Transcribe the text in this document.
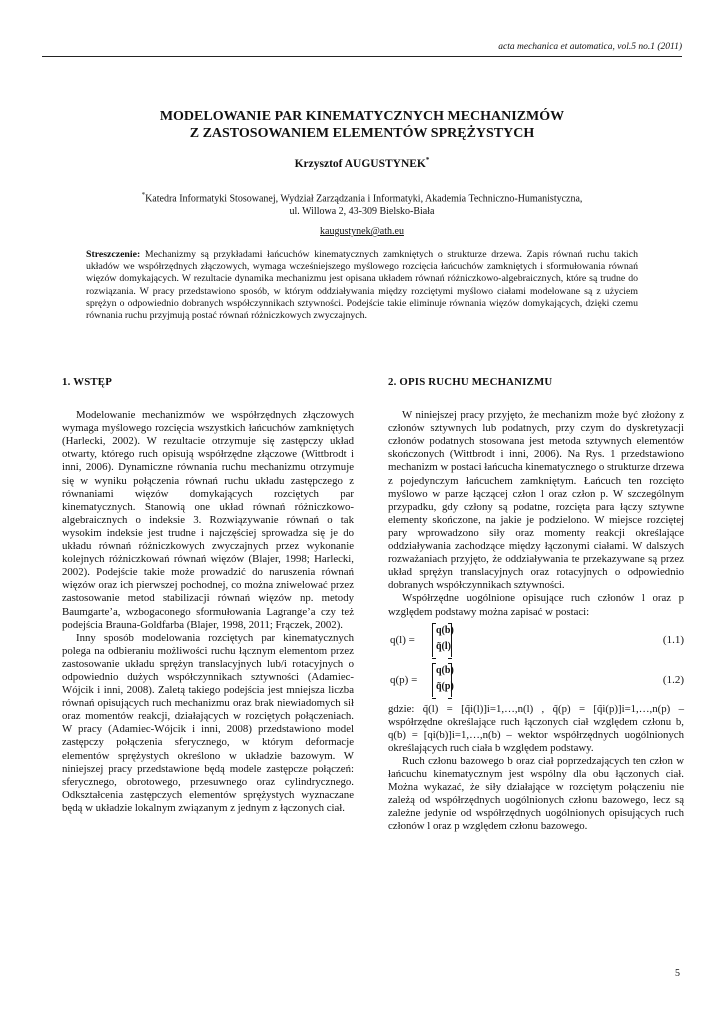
acta mechanica et automatica, vol.5 no.1 (2011)
MODELOWANIE PAR KINEMATYCZNYCH MECHANIZMÓW
Z ZASTOSOWANIEM ELEMENTÓW SPRĘŻYSTYCH
Krzysztof AUGUSTYNEK*
*Katedra Informatyki Stosowanej, Wydział Zarządzania i Informatyki, Akademia Techniczno-Humanistyczna,
ul. Willowa 2, 43-309 Bielsko-Biała
kaugustynek@ath.eu
Streszczenie: Mechanizmy są przykładami łańcuchów kinematycznych zamkniętych o strukturze drzewa. Zapis równań ruchu takich układów we współrzędnych złączowych, wymaga wcześniejszego myślowego rozcięcia łańcuchów zamkniętych i sformułowania równań więzów domykających. W rezultacie dynamika mechanizmu jest opisana układem równań różniczkowo-algebraicznych, które są trudne do rozwiązania. W pracy przedstawiono sposób, w którym oddziaływania między rozciętymi myślowo ciałami modelowane są z użyciem sprężyn o odpowiednio dobranych współczynnikach sztywności. Podejście takie eliminuje równania więzów domykających, dzięki czemu równania ruchu przyjmują postać równań różniczkowych zwyczajnych.
1. WSTĘP

Modelowanie mechanizmów we współrzędnych złączowych wymaga myślowego rozcięcia wszystkich łańcuchów zamkniętych (Harlecki, 2002). W rezultacie otrzymuje się zastępczy układ otwarty, którego ruch opisują współrzędne złączowe (Wittbrodt i inni, 2006). Dynamiczne równania ruchu mechanizmu otrzymuje się w wyniku połączenia równań ruchu układu zastępczego z równaniami więzów domykających rozciętych par kinematycznych. Stanowią one układ równań różniczkowo-algebraicznych o indeksie 3. Rozwiązywanie równań o tak wysokim indeksie jest trudne i najczęściej sprowadza się je do układu równań różniczkowych zwyczajnych przez wykonanie kolejnych różniczkowań równań więzów (Blajer, 1998; Harlecki, 2002). Podejście takie może prowadzić do naruszenia równań więzów oraz ich pierwszej pochodnej, co można zniwelować przez zastosowanie metod stabilizacji równań więzów np. metody Baumgarte’a, wzbogaconego sformułowania Lagrange’a czy też podejścia Brauna-Goldfarba (Blajer, 1998, 2011; Frączek, 2002).

Inny sposób modelowania rozciętych par kinematycznych polega na odbieraniu możliwości ruchu łącznym elementom przez zastosowanie układu sprężyn translacyjnych lub/i rotacyjnych o odpowiednio dużych współczynnikach sztywności (Adamiec-Wójcik i inni, 2008). Zaletą takiego podejścia jest mniejsza liczba równań opisujących ruch mechanizmu oraz brak niewiadomych sił oraz momentów reakcji, działających w rozciętych połączeniach. W pracy (Adamiec-Wójcik i inni, 2008) przedstawiono model zastępczy połączenia sferycznego, w którym deformacje elementów sprężystych określono w układzie bazowym. W niniejszej pracy przedstawione będą modele zastępcze połączeń: sferycznego, obrotowego, przesuwnego oraz cylindrycznego. Odkształcenia zastępczych elementów sprężystych wyznaczane będą w układzie lokalnym związanym z jednym z łączonych ciał.

2. OPIS RUCHU MECHANIZMU

W niniejszej pracy przyjęto, że mechanizm może być złożony z członów sztywnych lub podatnych, przy czym do dyskretyzacji członów podatnych stosowana jest metoda sztywnych elementów skończonych (Wittbrodt i inni, 2006). Na Rys. 1 przedstawiono mechanizm w postaci łańcucha kinematycznego o strukturze drzewa z pojedynczym łańcuchem zamkniętym. Łańcuch ten rozcięto myślowo w parze łączącej człon l oraz człon p. W szczególnym przypadku, gdy człony są podatne, rozcięta para łączy sztywne elementy skończone, na jakie je podzielono. W miejsce rozciętej pary wprowadzono siły oraz momenty reakcji określające oddziaływania zachodzące między łączonymi ciałami. W dalszych rozważaniach przyjęto, że oddziaływania te przekazywane są przez układ sprężyn translacyjnych oraz rotacyjnych o odpowiednio dobranych współczynnikach sztywności.

Współrzędne uogólnione opisujące ruch członów l oraz p względem podstawy można zapisać w postaci:

q(l) =
q(b)
q̃(l)
(1.1)
q(p) =
q(b)
q̃(p)
(1.2)
gdzie: q̃(l) = [q̃i(l)]i=1,…,n(l) , q̃(p) = [q̃i(p)]i=1,…,n(p) – współrzędne określające ruch łączonych ciał względem członu b, q(b) = [qi(b)]i=1,…,n(b) – wektor współrzędnych uogólnionych określających ruch ciała b względem podstawy.

Ruch członu bazowego b oraz ciał poprzedzających ten człon w łańcuchu kinematycznym jest wspólny dla obu łączonych ciał. Można wykazać, że siły działające w rozciętym połączeniu nie zależą od współrzędnych uogólnionych członu bazowego, lecz są zależne jedynie od współrzędnych uogólnionych opisujących ruch członów l oraz p względem członu bazowego.

5
